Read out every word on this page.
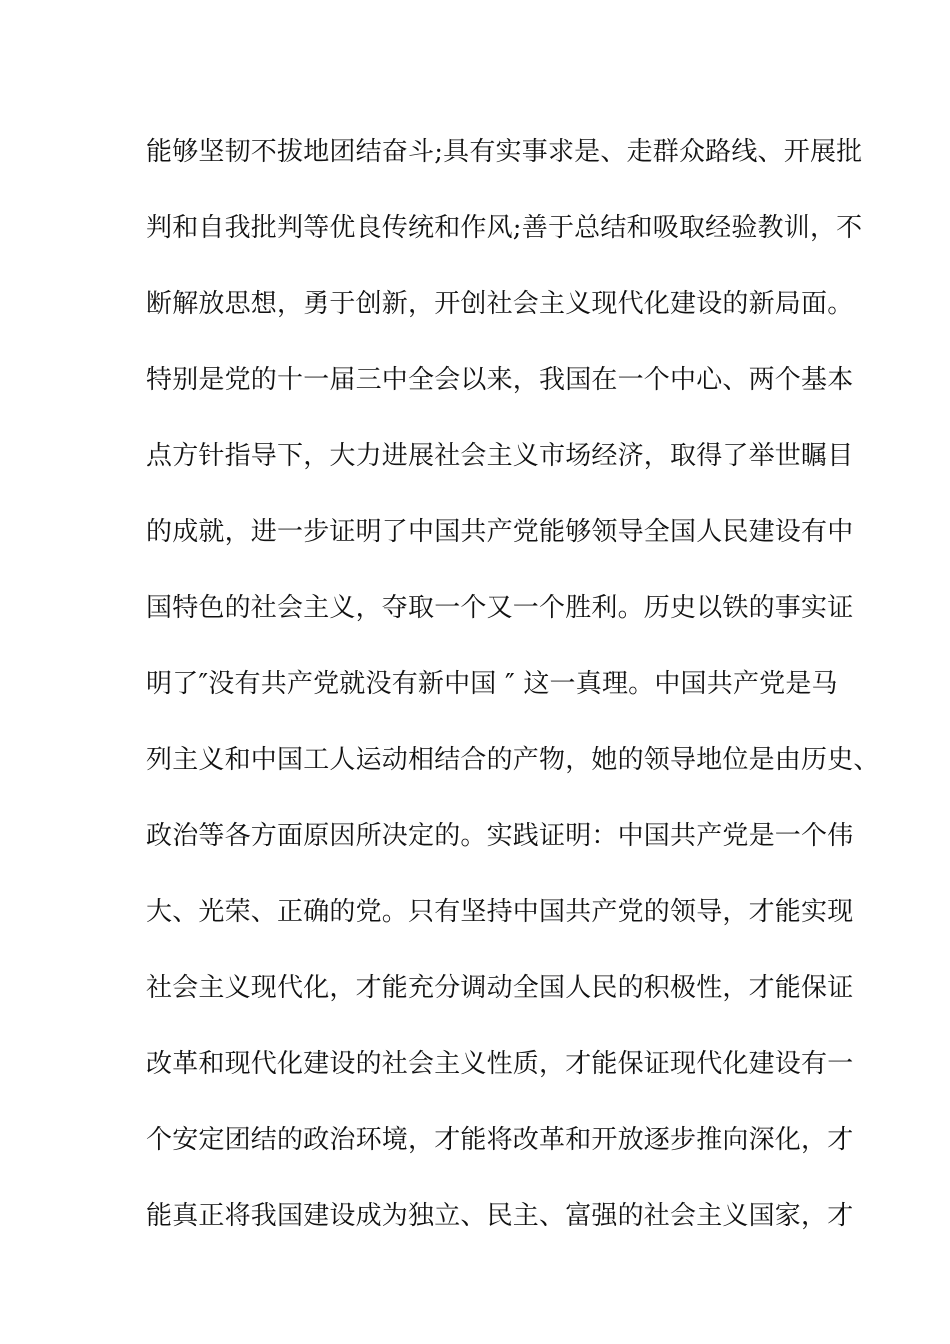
能够坚韧不拔地团结奋斗;具有实事求是、走群众路线、开展批
判和自我批判等优良传统和作风;善于总结和吸取经验教训，不
断解放思想，勇于创新，开创社会主义现代化建设的新局面。
特别是党的十一届三中全会以来，我国在一个中心、两个基本
点方针指导下，大力进展社会主义市场经济，取得了举世瞩目
的成就，进一步证明了中国共产党能够领导全国人民建设有中
国特色的社会主义，夺取一个又一个胜利。历史以铁的事实证
明了″没有共产党就没有新中国 ″ 这一真理。中国共产党是马
列主义和中国工人运动相结合的产物，她的领导地位是由历史、
政治等各方面原因所决定的。实践证明：中国共产党是一个伟
大、光荣、正确的党。只有坚持中国共产党的领导，才能实现
社会主义现代化，才能充分调动全国人民的积极性，才能保证
改革和现代化建设的社会主义性质，才能保证现代化建设有一
个安定团结的政治环境，才能将改革和开放逐步推向深化，才
能真正将我国建设成为独立、民主、富强的社会主义国家，才
